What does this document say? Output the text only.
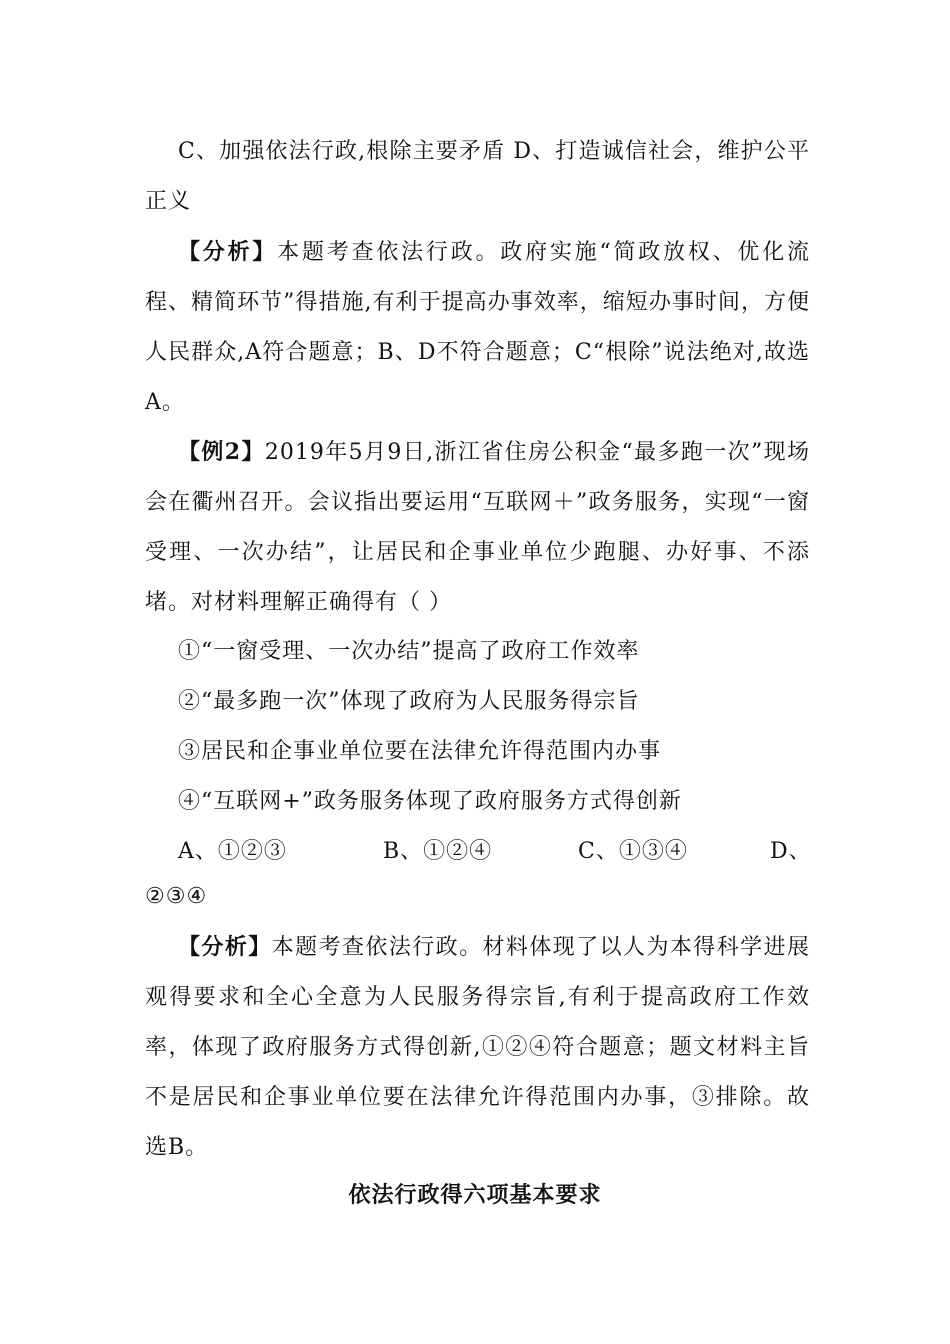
C、加强依法行政,根除主要矛盾 D、打造诚信社会，维护公平正义

【分析】本题考查依法行政。政府实施“简政放权、优化流程、精简环节”得措施,有利于提高办事效率，缩短办事时间，方便人民群众,A符合题意；B、D不符合题意；C“根除”说法绝对,故选A。

【例2】2019年5月9日,浙江省住房公积金“最多跑一次”现场会在衢州召开。会议指出要运用“互联网＋”政务服务，实现“一窗受理、一次办结”，让居民和企事业单位少跑腿、办好事、不添堵。对材料理解正确得有（ ）

①“一窗受理、一次办结”提高了政府工作效率

②“最多跑一次”体现了政府为人民服务得宗旨

③居民和企事业单位要在法律允许得范围内办事

④“互联网+”政务服务体现了政府服务方式得创新

A、①②③	B、①②④	C、①③④	D、

②③④

【分析】本题考查依法行政。材料体现了以人为本得科学进展观得要求和全心全意为人民服务得宗旨,有利于提高政府工作效率，体现了政府服务方式得创新,①②④符合题意；题文材料主旨不是居民和企事业单位要在法律允许得范围内办事，③排除。故选B。

依法行政得六项基本要求
